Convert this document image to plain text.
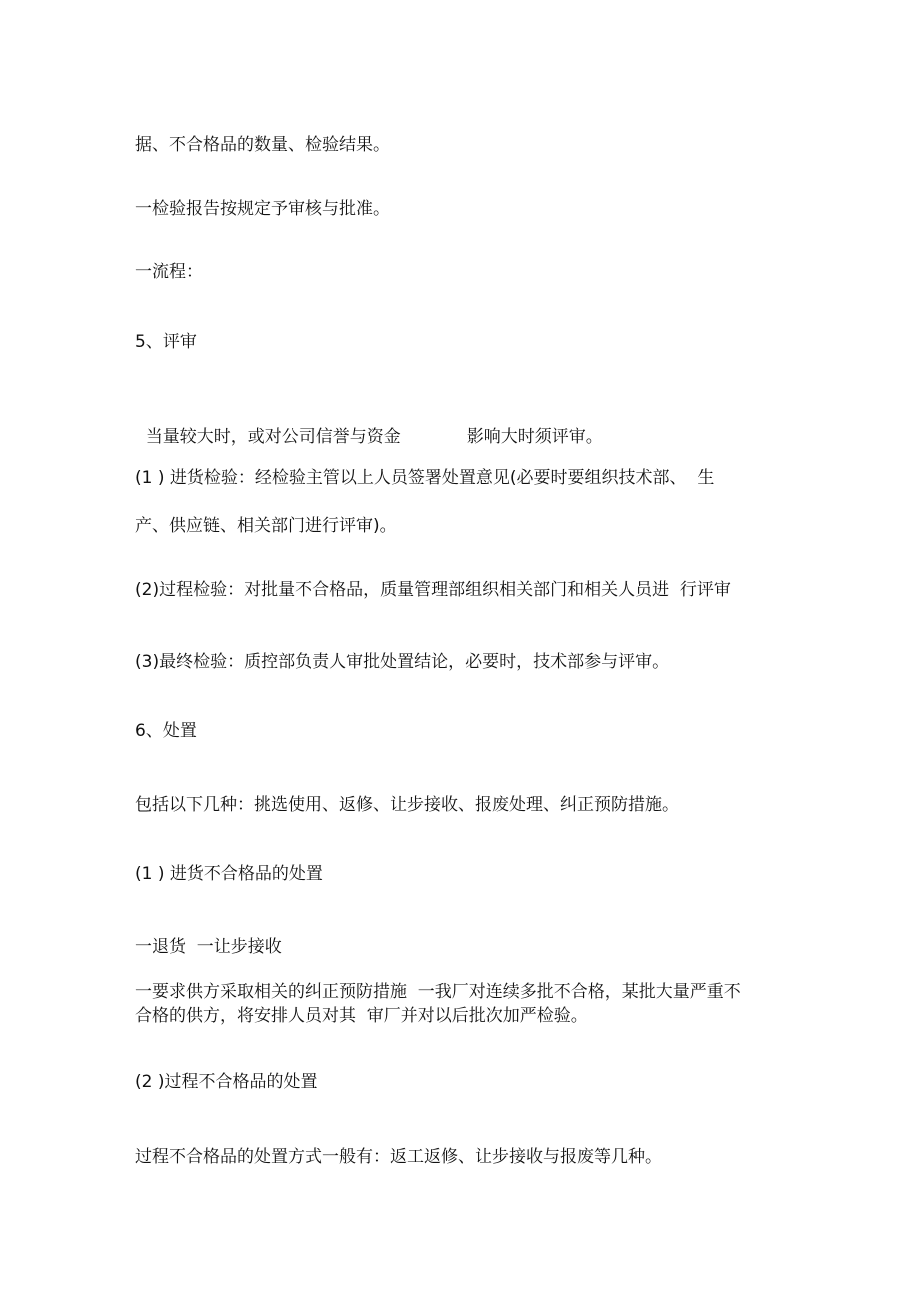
据、不合格品的数量、检验结果。
一检验报告按规定予审核与批准。
一流程：
5、评审

当量较大时，或对公司信誉与资金	影响大时须评审。

(1 ) 进货检验：经检验主管以上人员签署处置意见(必要时要组织技术部、  生
产、供应链、相关部门进行评审)。
(2)过程检验：对批量不合格品，质量管理部组织相关部门和相关人员进  行评审
(3)最终检验：质控部负责人审批处置结论，必要时，技术部参与评审。
6、处置
包括以下几种：挑选使用、返修、让步接收、报废处理、纠正预防措施。
(1 ) 进货不合格品的处置
一退货  一让步接收
一要求供方采取相关的纠正预防措施  一我厂对连续多批不合格，某批大量严重不
合格的供方，将安排人员对其  审厂并对以后批次加严检验。
(2 )过程不合格品的处置
过程不合格品的处置方式一般有：返工返修、让步接收与报废等几种。
